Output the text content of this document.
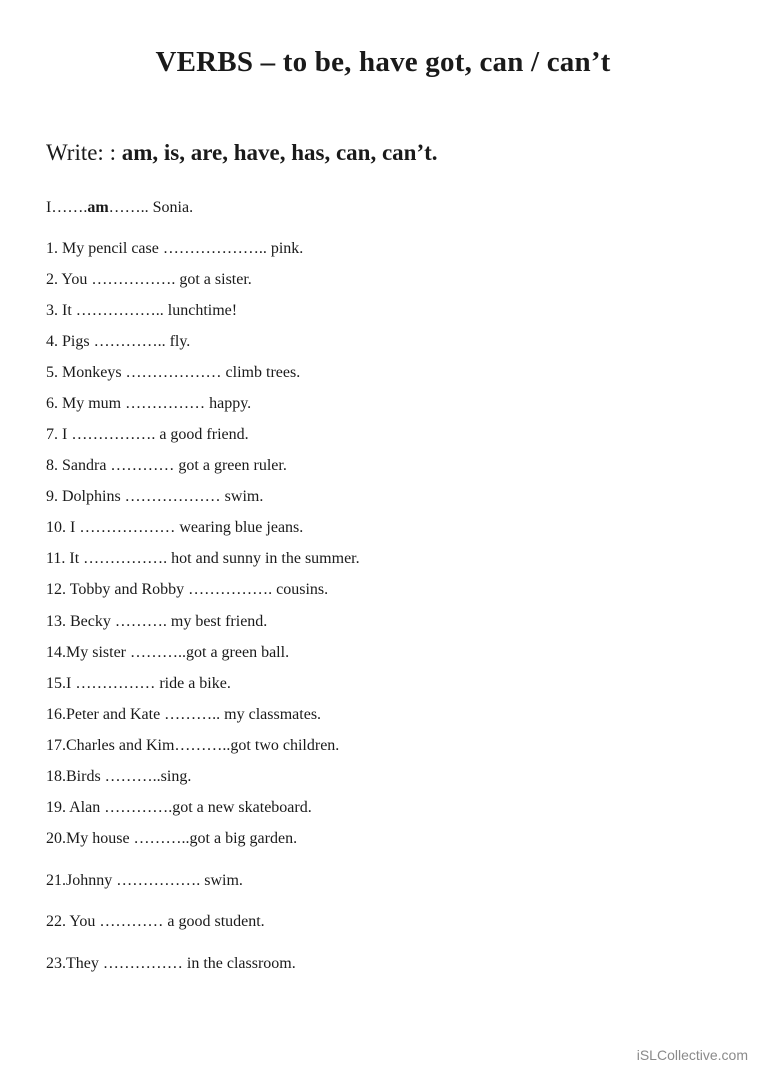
VERBS – to be, have got, can / can’t
Write: : am, is, are, have, has, can, can’t.
I…….am…….. Sonia.
1. My pencil case ……………….. pink.
2. You ……………. got a sister.
3. It …………….. lunchtime!
4. Pigs ………….. fly.
5. Monkeys ……………… climb trees.
6. My mum …………… happy.
7. I ……………. a good friend.
8. Sandra ………… got a green ruler.
9. Dolphins ……………… swim.
10. I ……………… wearing blue jeans.
11. It ……………. hot and sunny in the summer.
12. Tobby and Robby ……………. cousins.
13. Becky ………. my best friend.
14.My sister ………..got a green ball.
15.I …………… ride a bike.
16.Peter and Kate ……….. my classmates.
17.Charles and Kim………..got two children.
18.Birds ………..sing.
19. Alan ………….got a new skateboard.
20.My house ………..got a big garden.
21.Johnny ……………. swim.
22. You ………… a good student.
23.They …………… in the classroom.
iSLCollective.com
